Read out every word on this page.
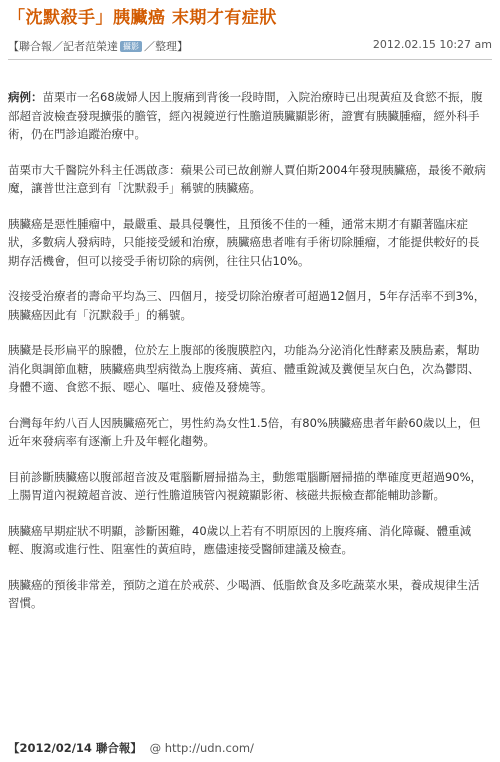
「沈默殺手」胰臟癌 末期才有症狀
【聯合報／記者范榮達 攝影 ／整理】	2012.02.15 10:27 am

病例：苗栗市一名68歲婦人因上腹痛到背後一段時間，入院治療時已出現黃疸及食慾不振，腹部超音波檢查發現擴張的膽管，經內視鏡逆行性膽道胰臟顯影術，證實有胰臟腫瘤，經外科手術，仍在門診追蹤治療中。

苗栗市大千醫院外科主任馮啟彥：蘋果公司已故創辦人賈伯斯2004年發現胰臟癌，最後不敵病魔，讓普世注意到有「沈默殺手」稱號的胰臟癌。

胰臟癌是惡性腫瘤中，最嚴重、最具侵襲性，且預後不佳的一種，通常末期才有顯著臨床症狀，多數病人發病時，只能接受緩和治療，胰臟癌患者唯有手術切除腫瘤，才能提供較好的長期存活機會，但可以接受手術切除的病例，往往只佔10%。

沒接受治療者的壽命平均為三、四個月，接受切除治療者可超過12個月，5年存活率不到3%，胰臟癌因此有「沉默殺手」的稱號。

胰臟是長形扁平的腺體，位於左上腹部的後腹膜腔內，功能為分泌消化性酵素及胰島素，幫助消化與調節血糖，胰臟癌典型病徵為上腹疼痛、黃疸、體重銳減及糞便呈灰白色，次為鬱悶、身體不適、食慾不振、噁心、嘔吐、疲倦及發燒等。

台灣每年約八百人因胰臟癌死亡，男性約為女性1.5倍，有80%胰臟癌患者年齡60歲以上，但近年來發病率有逐漸上升及年輕化趨勢。

目前診斷胰臟癌以腹部超音波及電腦斷層掃描為主，動態電腦斷層掃描的準確度更超過90%，上腸胃道內視鏡超音波、逆行性膽道胰管內視鏡顯影術、核磁共振檢查都能輔助診斷。

胰臟癌早期症狀不明顯，診斷困難，40歲以上若有不明原因的上腹疼痛、消化障礙、體重減輕、腹瀉或進行性、阻塞性的黃疸時，應儘速接受醫師建議及檢查。

胰臟癌的預後非常差，預防之道在於戒菸、少喝酒、低脂飲食及多吃蔬菜水果，養成規律生活習慣。

【2012/02/14 聯合報】 @ http://udn.com/
